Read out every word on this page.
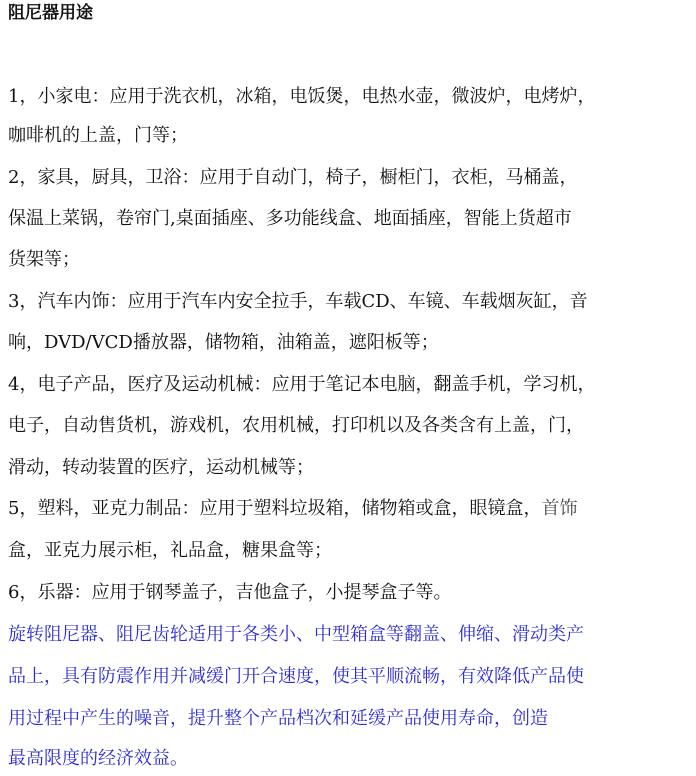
阻尼器用途
1，小家电：应用于洗衣机，冰箱，电饭煲，电热水壶，微波炉，电烤炉，
咖啡机的上盖，门等；
2，家具，厨具，卫浴：应用于自动门，椅子，橱柜门，衣柜，马桶盖，
保温上菜锅，卷帘门,桌面插座、多功能线盒、地面插座，智能上货超市
货架等；
3，汽车内饰：应用于汽车内安全拉手，车载CD、车镜、车载烟灰缸，音
响，DVD/VCD播放器，储物箱，油箱盖，遮阳板等；
4，电子产品，医疗及运动机械：应用于笔记本电脑，翻盖手机，学习机，
电子，自动售货机，游戏机，农用机械，打印机以及各类含有上盖，门，
滑动，转动装置的医疗，运动机械等；
5，塑料，亚克力制品：应用于塑料垃圾箱，储物箱或盒，眼镜盒，首饰
盒，亚克力展示柜，礼品盒，糖果盒等；
6，乐器：应用于钢琴盖子，吉他盒子，小提琴盒子等。
旋转阻尼器、阻尼齿轮适用于各类小、中型箱盒等翻盖、伸缩、滑动类产
品上，具有防震作用并减缓门开合速度，使其平顺流畅，有效降低产品使
用过程中产生的噪音，提升整个产品档次和延缓产品使用寿命，创造
最高限度的经济效益。
